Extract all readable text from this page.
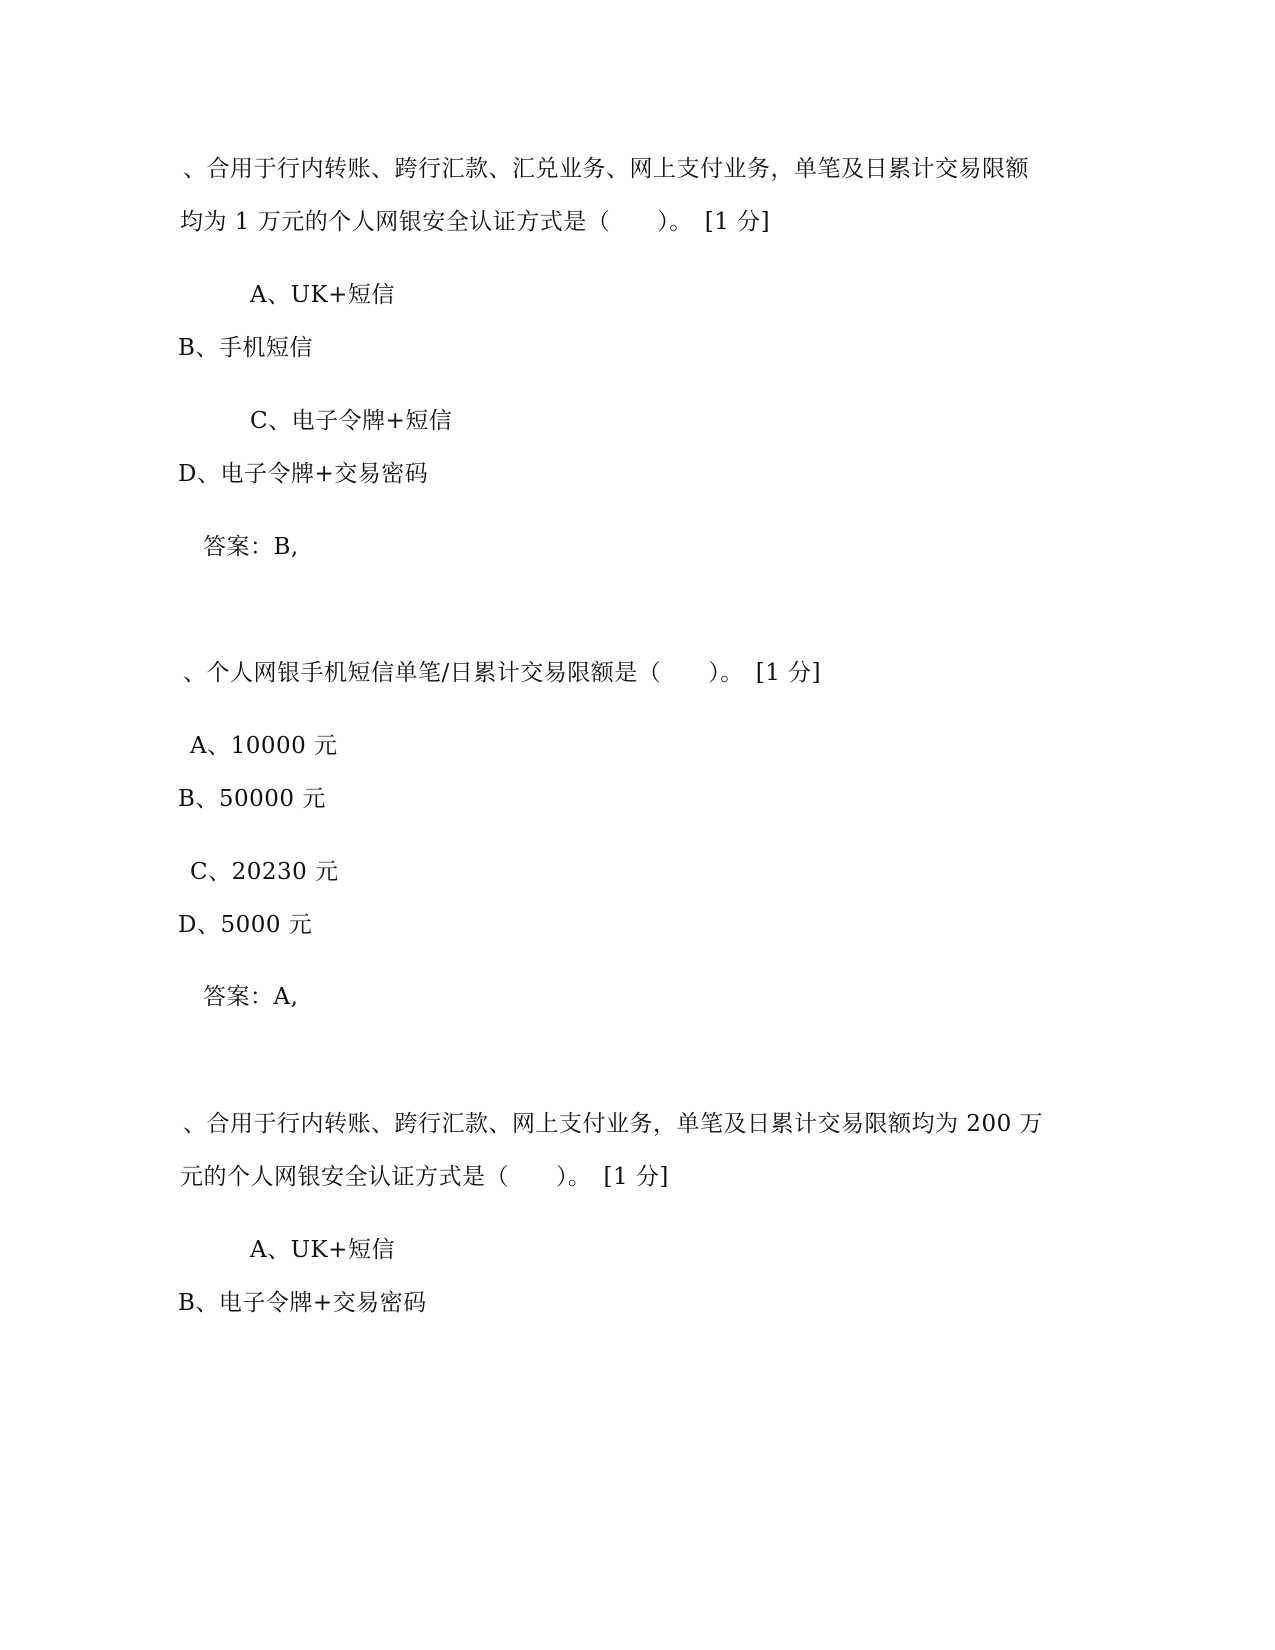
、合用于行内转账、跨行汇款、汇兑业务、网上支付业务，单笔及日累计交易限额
均为 1 万元的个人网银安全认证方式是（　　）。　[1 分]
A、UK+短信
B、手机短信
C、电子令牌+短信
D、电子令牌+交易密码
答案：B,
、个人网银手机短信单笔/日累计交易限额是（　　）。　[1 分]
A、10000 元
B、50000 元
C、20230 元
D、5000 元
答案：A,
、合用于行内转账、跨行汇款、网上支付业务，单笔及日累计交易限额均为 200 万
元的个人网银安全认证方式是（　　）。　[1 分]
A、UK+短信
B、电子令牌+交易密码
